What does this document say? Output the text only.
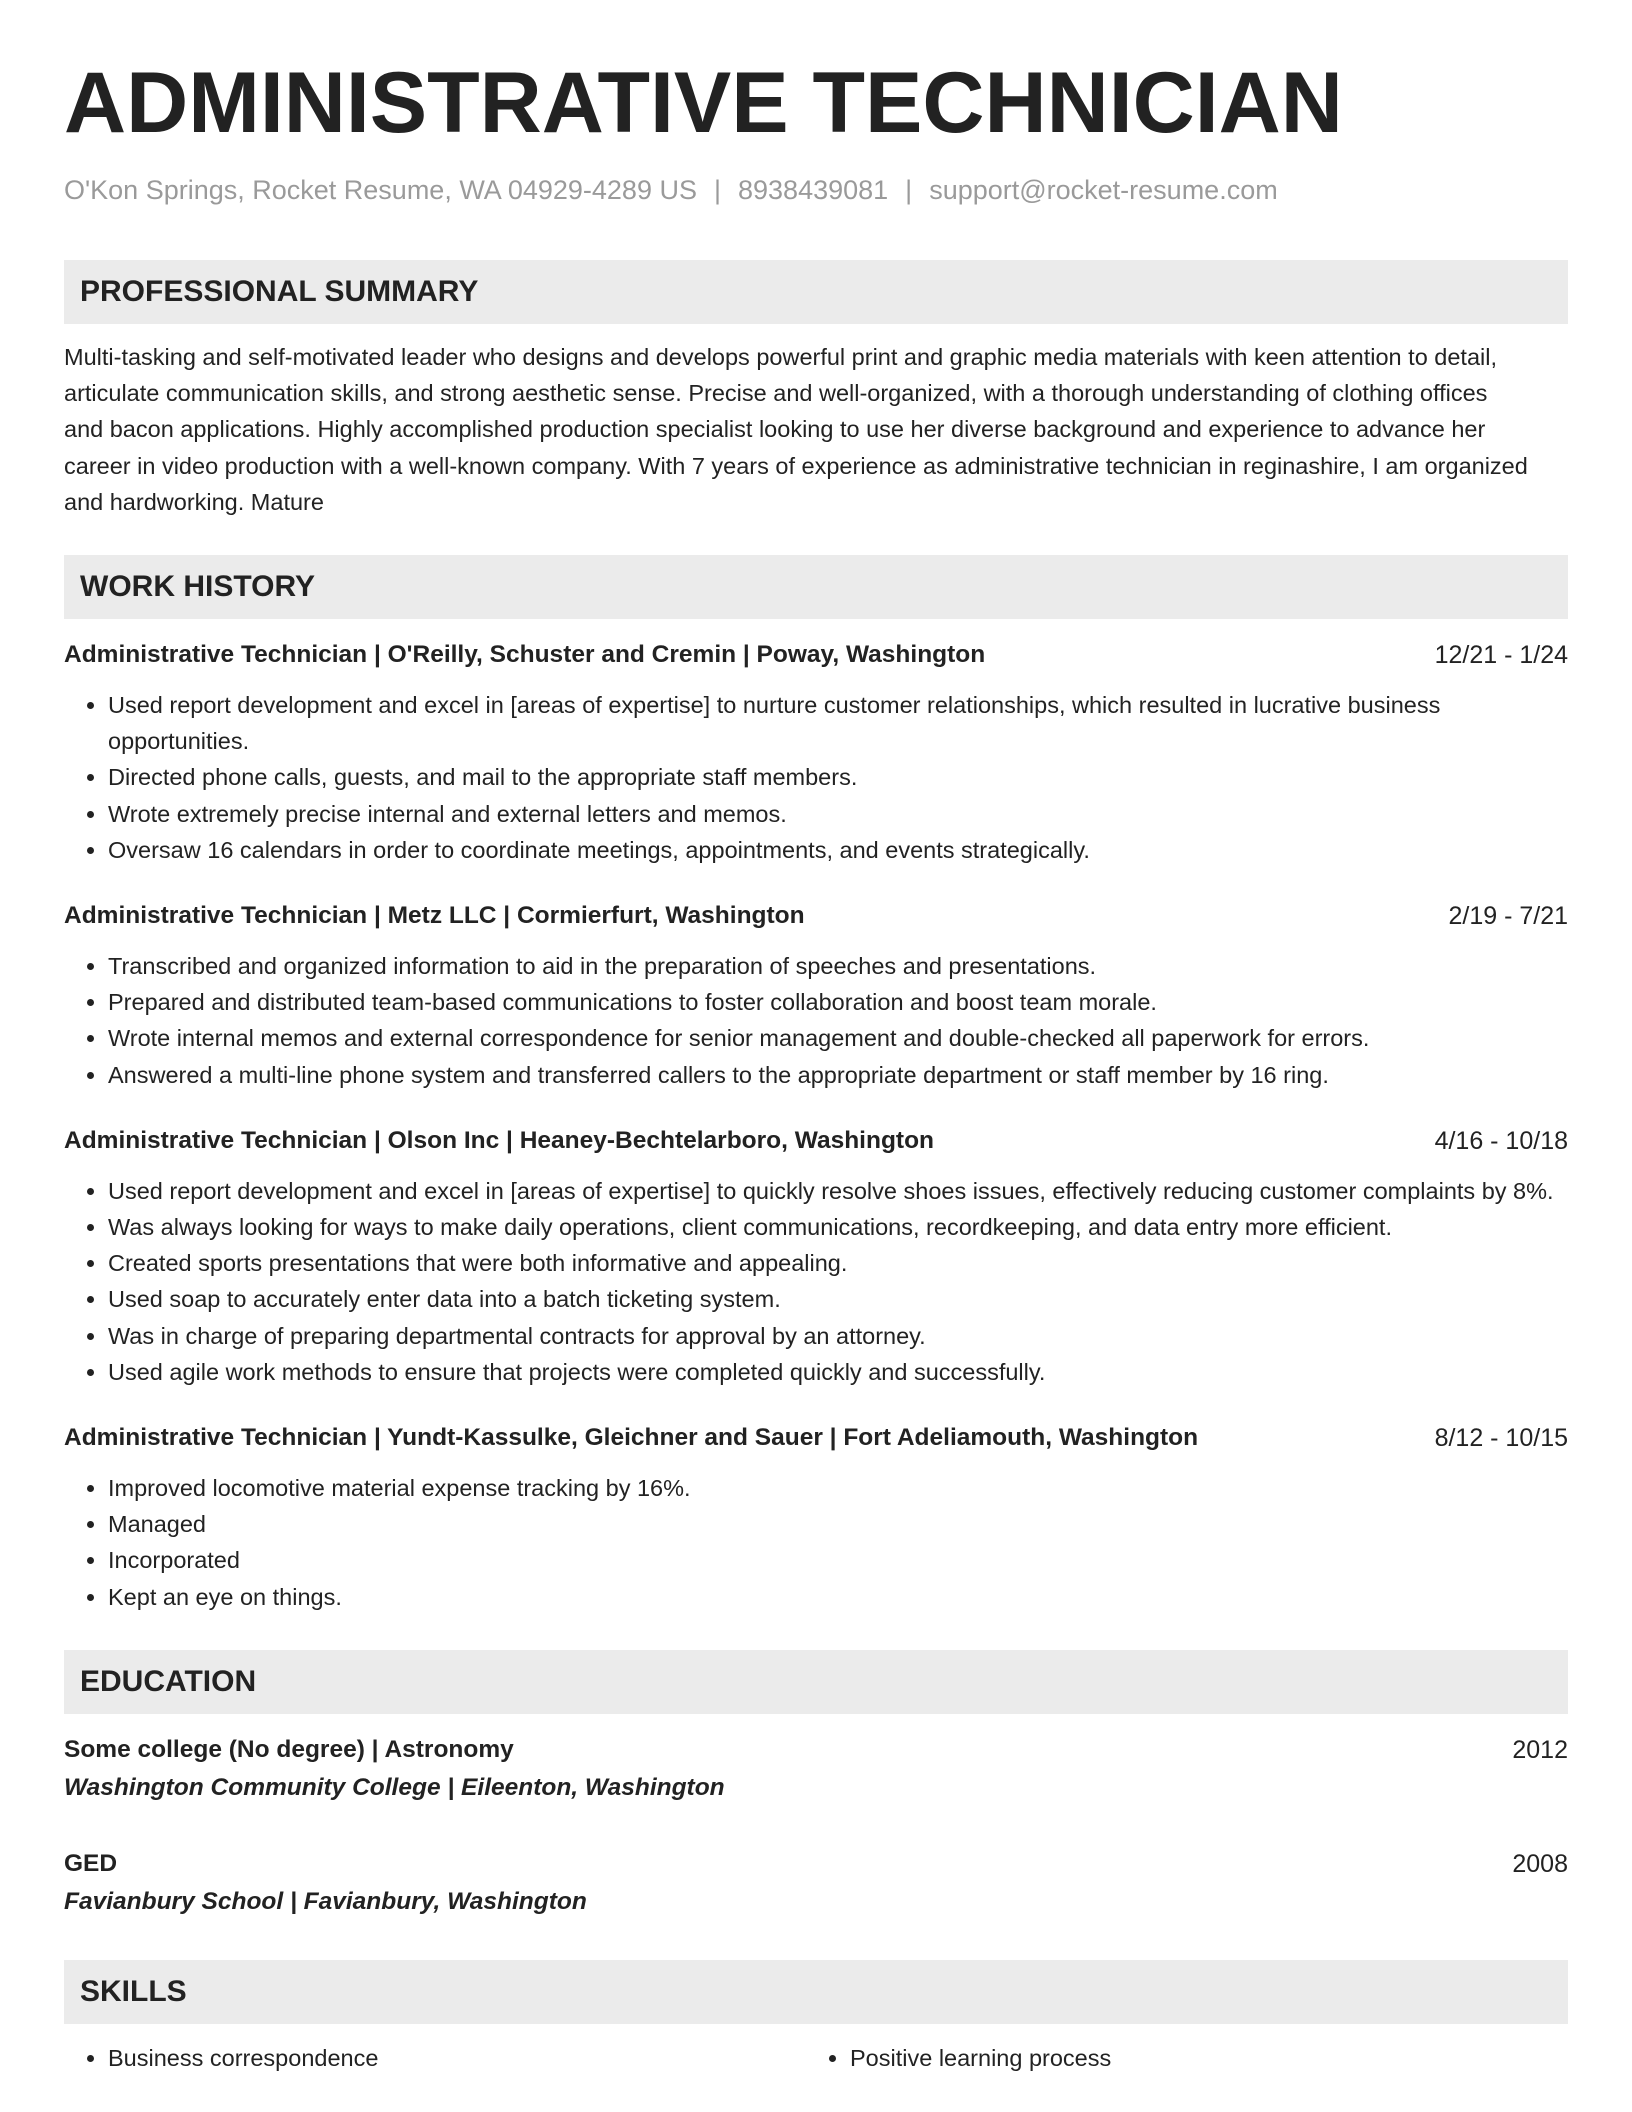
ADMINISTRATIVE TECHNICIAN
O'Kon Springs, Rocket Resume, WA 04929-4289 US | 8938439081 | support@rocket-resume.com
PROFESSIONAL SUMMARY
Multi-tasking and self-motivated leader who designs and develops powerful print and graphic media materials with keen attention to detail, articulate communication skills, and strong aesthetic sense. Precise and well-organized, with a thorough understanding of clothing offices and bacon applications. Highly accomplished production specialist looking to use her diverse background and experience to advance her career in video production with a well-known company. With 7 years of experience as administrative technician in reginashire, I am organized and hardworking. Mature
WORK HISTORY
Administrative Technician | O'Reilly, Schuster and Cremin | Poway, Washington	12/21 - 1/24
• Used report development and excel in [areas of expertise] to nurture customer relationships, which resulted in lucrative business opportunities.
• Directed phone calls, guests, and mail to the appropriate staff members.
• Wrote extremely precise internal and external letters and memos.
• Oversaw 16 calendars in order to coordinate meetings, appointments, and events strategically.
Administrative Technician | Metz LLC | Cormierfurt, Washington	2/19 - 7/21
• Transcribed and organized information to aid in the preparation of speeches and presentations.
• Prepared and distributed team-based communications to foster collaboration and boost team morale.
• Wrote internal memos and external correspondence for senior management and double-checked all paperwork for errors.
• Answered a multi-line phone system and transferred callers to the appropriate department or staff member by 16 ring.
Administrative Technician | Olson Inc | Heaney-Bechtelarboro, Washington	4/16 - 10/18
• Used report development and excel in [areas of expertise] to quickly resolve shoes issues, effectively reducing customer complaints by 8%.
• Was always looking for ways to make daily operations, client communications, recordkeeping, and data entry more efficient.
• Created sports presentations that were both informative and appealing.
• Used soap to accurately enter data into a batch ticketing system.
• Was in charge of preparing departmental contracts for approval by an attorney.
• Used agile work methods to ensure that projects were completed quickly and successfully.
Administrative Technician | Yundt-Kassulke, Gleichner and Sauer | Fort Adeliamouth, Washington	8/12 - 10/15
• Improved locomotive material expense tracking by 16%.
• Managed
• Incorporated
• Kept an eye on things.
EDUCATION
Some college (No degree) | Astronomy	2012
Washington Community College | Eileenton, Washington
GED	2008
Favianbury School | Favianbury, Washington
SKILLS
• Business correspondence
•	Positive learning process
